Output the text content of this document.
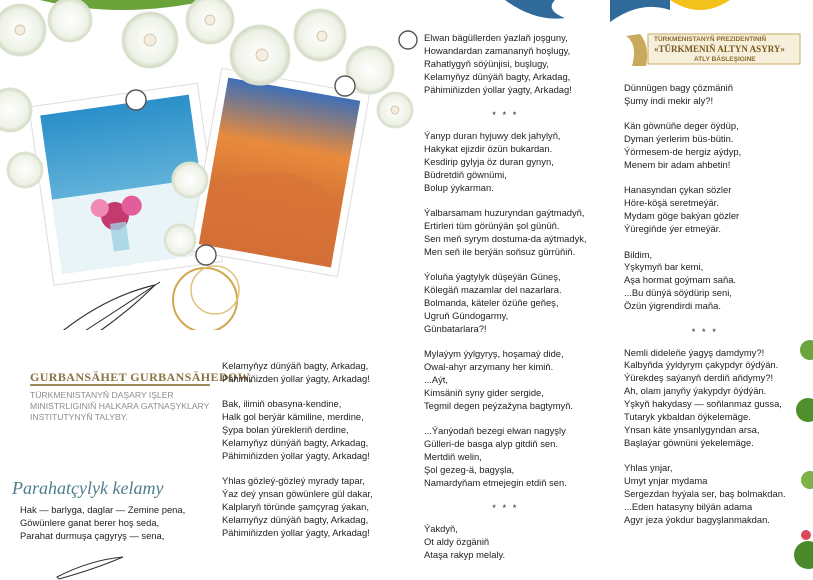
TÜRKMENISTANYŇ PREZIDENTINIŇ
«TÜRKMENIŇ ALTYN ASYRY»
ATLY BÄSLEŞIGINE
GURBANSÄHET GURBANSÄHEDOW,
TÜRKMENISTANYŇ DAŞARY IŞLER
MINISTRLIGINIŇ HALKARA GATNAŞYKLARY
INSTITUTYNYŇ TALYBY.
Parahatçylyk kelamy
Hak — barlyga, daglar — Zemine pena,
Göwünlere ganat berer hoş seda,
Parahat durmuşa çagyryş — sena,
Kelamyňyz dünýäň bagty, Arkadag,
Pähimiňizden ýollar ýagty, Arkadag!
Bak, ilimiň obasyna-kendine,
Halk gol berýär kämiline, merdine,
Şypa bolan ýürekleriň derdine,
Kelamyňyz dünýäň bagty, Arkadag,
Pähimiňizden ýollar ýagty, Arkadag!
Yhlas gözleý-gözleý myrady tapar,
Ýaz deý ynsan göwünlere gül dakar,
Kalplaryň töründe şamçyrag ýakan,
Kelamyňyz dünýäň bagty, Arkadag,
Pähimiňizden ýollar ýagty, Arkadag!
Elwan bägüllerden ýazlaň joşguny,
Howandardan zamananyň hoşlugy,
Rahatlygyň söýünjisi, buşlugy,
Kelamyňyz dünýäň bagty, Arkadag,
Pähimiňizden ýollar ýagty, Arkadag!
* * *
Ýanyp duran hyjuwy dek jahylyň,
Hakykat ejizdir özün bukardan.
Kesdirip gylyja öz duran gynyn,
Büdretdiň göwnümi,
Bolup ýykarman.
Ýalbarsamam huzuryndan gaýtmadyň,
Ertirleri tüm görünýän şol günüň.
Sen meň syrym dostuma-da aýtmadyk,
Men seň ile berýän soňsuz gürrüňiň.
Ýoluňa ýagtylyk düşeýän Güneş,
Kölegäň mazamlar del nazarlara.
Bolmanda, käteler özüňe geňeş,
Ugruň Gündogarmy,
Günbatarlara?!
Mylaýym ýylgyryş, hoşamaý dide,
Owal-ahyr arzymany her kimiň.
...Aýt,
Kimsäniň syny gider sergide,
Tegmil degen peýzažyna bagtymyň.
...Ýanýodaň bezegi elwan nagyşly
Gülleri-de basga alyp gitdiň sen.
Mertdiň welin,
Şol gezeg-ä, bagyşla,
Namardyňam etmejegin etdiň sen.
* * *
Ýakdyň,
Ot aldy özgäniň
Ataşa rakyp melaly.
Dünnügen bagy çözmäniň
Şumy indi mekir aly?!
Kän göwnüňe deger öýdüp,
Dyman ýerlerim büs-bütin.
Ýörmesem-de hergiz aýdyp,
Menem bir adam ahbetin!
Hanasyndan çykan sözler
Höre-köşä seretmeýär.
Mydam göge bakýan gözler
Ýüregiňde ýer etmeýär.
Bildim,
Yşkymyň bar kemi,
Aşa hormat goýmam saňa.
...Bu dünýä söýdürip seni,
Özün ýigrendirdi maňa.
* * *
Nemli dideleňe ýagyş damdymy?!
Kalbyňda ýyldyrym çakypdyr öýdýän.
Ýürekdeş saýanyň derdiň aňdymy?!
Ah, olam janyňy ýakypdyr öýdýän.
Yşkyň hakydasy — soňlanmaz gussa,
Tutaryk ykbaldan öýkelemäge.
Ynsan käte ynsanlygyndan arsa,
Başlaýar göwnüni ýekelemäge.
Yhlas ynjar,
Umyt ynjar mydama
Sergezdan hyýala ser, baş bolmakdan.
...Eden hatasyny bilýän adama
Agyr jeza ýokdur bagyşlanmakdan.
